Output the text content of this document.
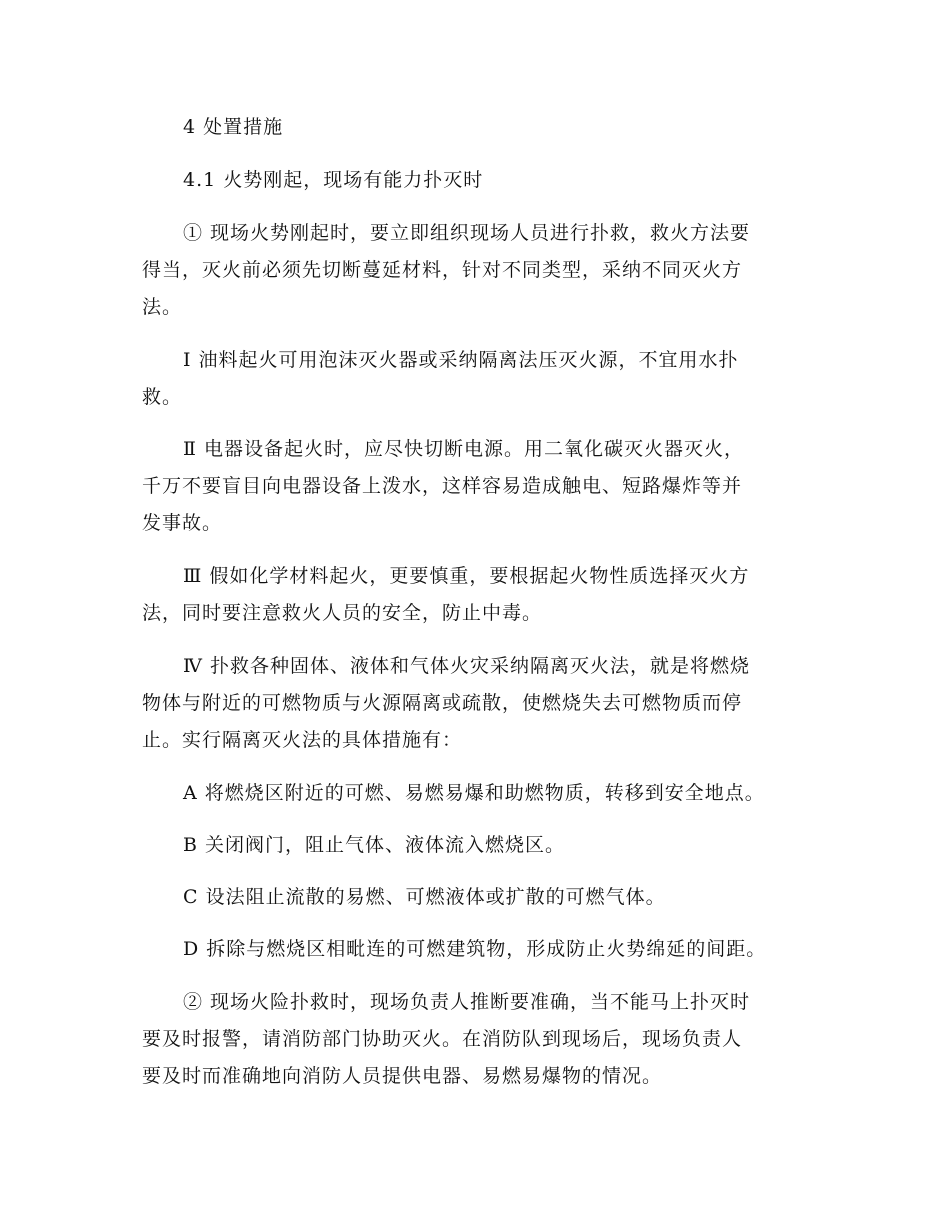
4 处置措施
4.1 火势刚起，现场有能力扑灭时
① 现场火势刚起时，要立即组织现场人员进行扑救，救火方法要
得当，灭火前必须先切断蔓延材料，针对不同类型，采纳不同灭火方
法。
Ⅰ 油料起火可用泡沫灭火器或采纳隔离法压灭火源，不宜用水扑
救。
Ⅱ 电器设备起火时，应尽快切断电源。用二氧化碳灭火器灭火，
千万不要盲目向电器设备上泼水，这样容易造成触电、短路爆炸等并
发事故。
Ⅲ 假如化学材料起火，更要慎重，要根据起火物性质选择灭火方
法，同时要注意救火人员的安全，防止中毒。
Ⅳ 扑救各种固体、液体和气体火灾采纳隔离灭火法，就是将燃烧
物体与附近的可燃物质与火源隔离或疏散，使燃烧失去可燃物质而停
止。实行隔离灭火法的具体措施有：
A 将燃烧区附近的可燃、易燃易爆和助燃物质，转移到安全地点。
B 关闭阀门，阻止气体、液体流入燃烧区。
C 设法阻止流散的易燃、可燃液体或扩散的可燃气体。
D 拆除与燃烧区相毗连的可燃建筑物，形成防止火势绵延的间距。
② 现场火险扑救时，现场负责人推断要准确，当不能马上扑灭时
要及时报警，请消防部门协助灭火。在消防队到现场后，现场负责人
要及时而准确地向消防人员提供电器、易燃易爆物的情况。
